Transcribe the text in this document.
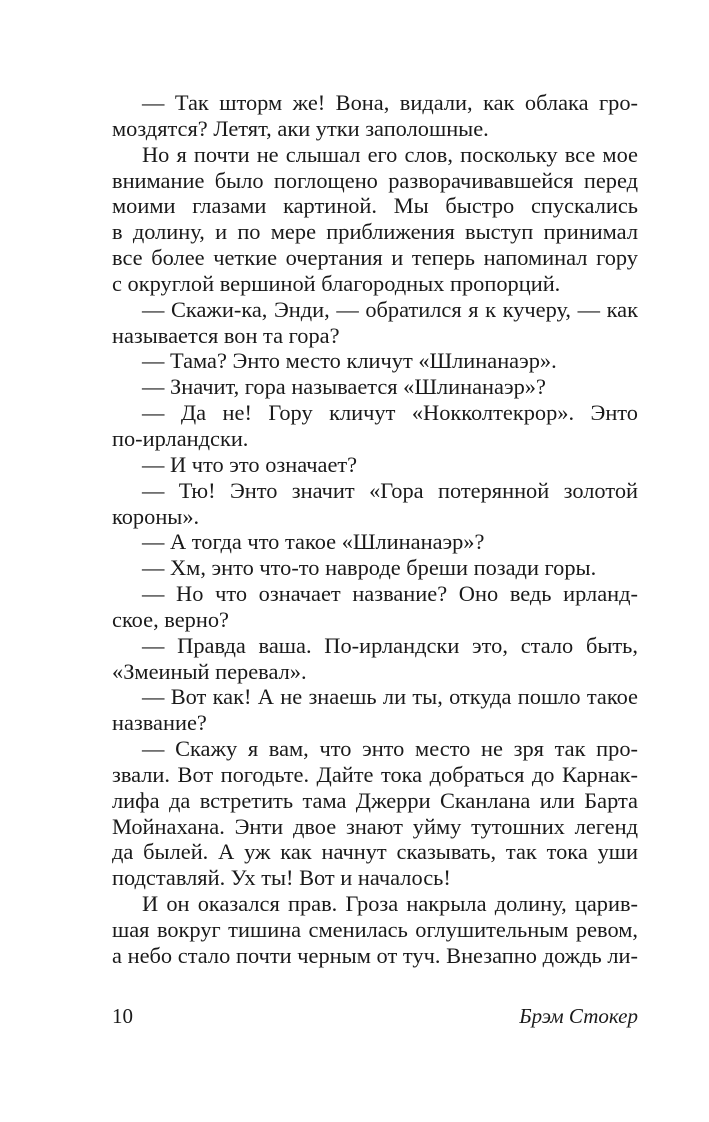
— Так шторм же! Вона, видали, как облака гро-
моздятся? Летят, аки утки заполошные.
Но я почти не слышал его слов, поскольку все мое
внимание было поглощено разворачивавшейся перед
моими глазами картиной. Мы быстро спускались
в долину, и по мере приближения выступ принимал
все более четкие очертания и теперь напоминал гору
с округлой вершиной благородных пропорций.
— Скажи-ка, Энди, — обратился я к кучеру, — как
называется вон та гора?
— Тама? Энто место кличут «Шлинанаэр».
— Значит, гора называется «Шлинанаэр»?
— Да не! Гору кличут «Нокколтекрор». Энто
по-ирландски.
— И что это означает?
— Тю! Энто значит «Гора потерянной золотой
короны».
— А тогда что такое «Шлинанаэр»?
— Хм, энто что-то навроде бреши позади горы.
— Но что означает название? Оно ведь ирланд-
ское, верно?
— Правда ваша. По-ирландски это, стало быть,
«Змеиный перевал».
— Вот как! А не знаешь ли ты, откуда пошло такое
название?
— Скажу я вам, что энто место не зря так про-
звали. Вот погодьте. Дайте тока добраться до Карнак-
лифа да встретить тама Джерри Сканлана или Барта
Мойнахана. Энти двое знают уйму тутошних легенд
да былей. А уж как начнут сказывать, так тока уши
подставляй. Ух ты! Вот и началось!
И он оказался прав. Гроза накрыла долину, царив-
шая вокруг тишина сменилась оглушительным ревом,
а небо стало почти черным от туч. Внезапно дождь ли-
10	Брэм Стокер
